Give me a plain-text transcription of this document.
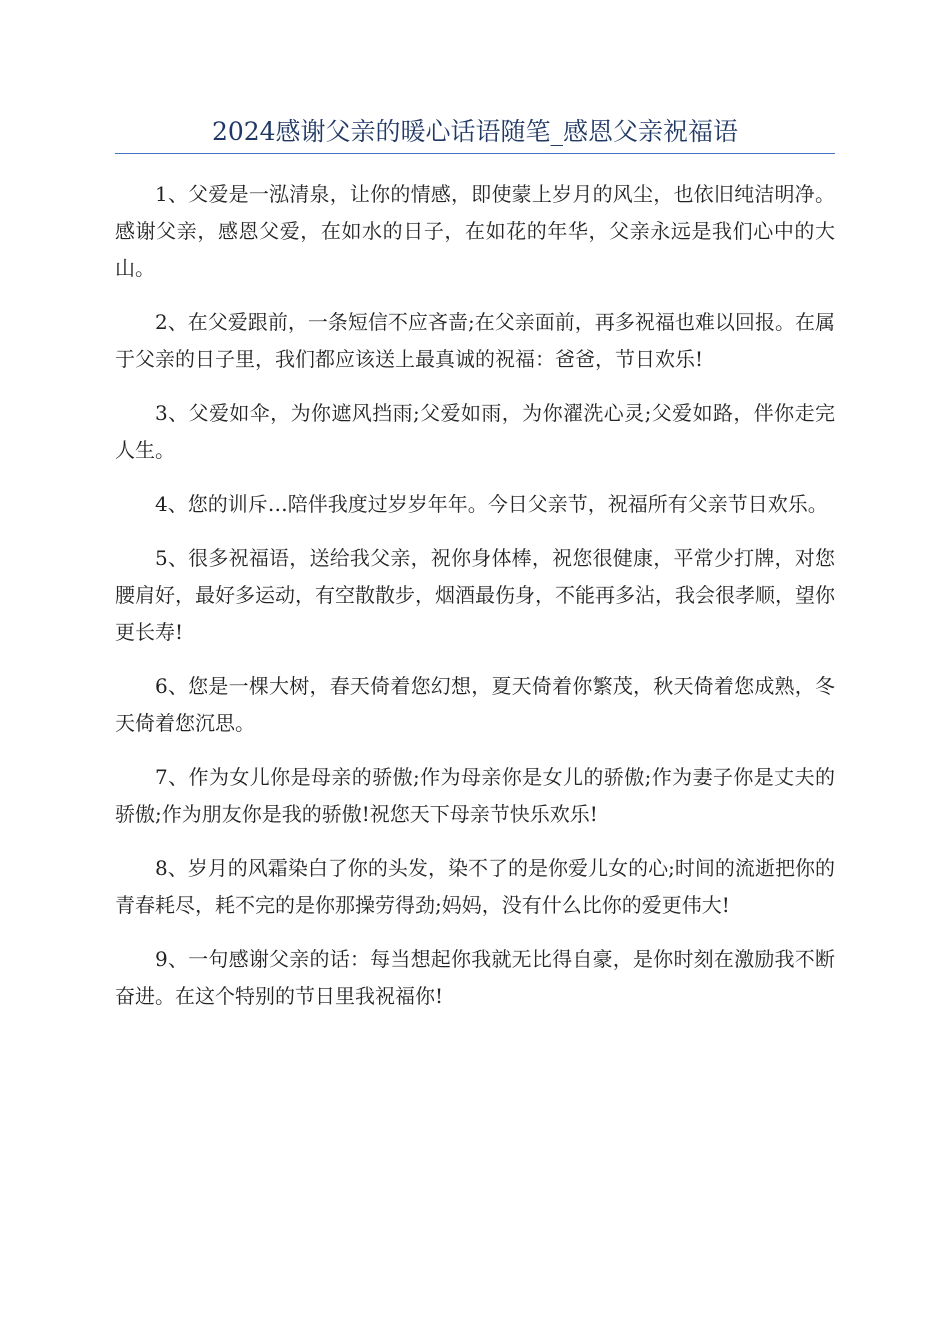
2024感谢父亲的暖心话语随笔_感恩父亲祝福语

1、父爱是一泓清泉，让你的情感，即使蒙上岁月的风尘，也依旧纯洁明净。感谢父亲，感恩父爱，在如水的日子，在如花的年华，父亲永远是我们心中的大山。

2、在父爱跟前，一条短信不应吝啬;在父亲面前，再多祝福也难以回报。在属于父亲的日子里，我们都应该送上最真诚的祝福：爸爸，节日欢乐!

3、父爱如伞，为你遮风挡雨;父爱如雨，为你濯洗心灵;父爱如路，伴你走完人生。

4、您的训斥…陪伴我度过岁岁年年。今日父亲节，祝福所有父亲节日欢乐。

5、很多祝福语，送给我父亲，祝你身体棒，祝您很健康，平常少打牌，对您腰肩好，最好多运动，有空散散步，烟酒最伤身，不能再多沾，我会很孝顺，望你更长寿!

6、您是一棵大树，春天倚着您幻想，夏天倚着你繁茂，秋天倚着您成熟，冬天倚着您沉思。

7、作为女儿你是母亲的骄傲;作为母亲你是女儿的骄傲;作为妻子你是丈夫的骄傲;作为朋友你是我的骄傲!祝您天下母亲节快乐欢乐!

8、岁月的风霜染白了你的头发，染不了的是你爱儿女的心;时间的流逝把你的青春耗尽，耗不完的是你那操劳得劲;妈妈，没有什么比你的爱更伟大!

9、一句感谢父亲的话：每当想起你我就无比得自豪，是你时刻在激励我不断奋进。在这个特别的节日里我祝福你!
